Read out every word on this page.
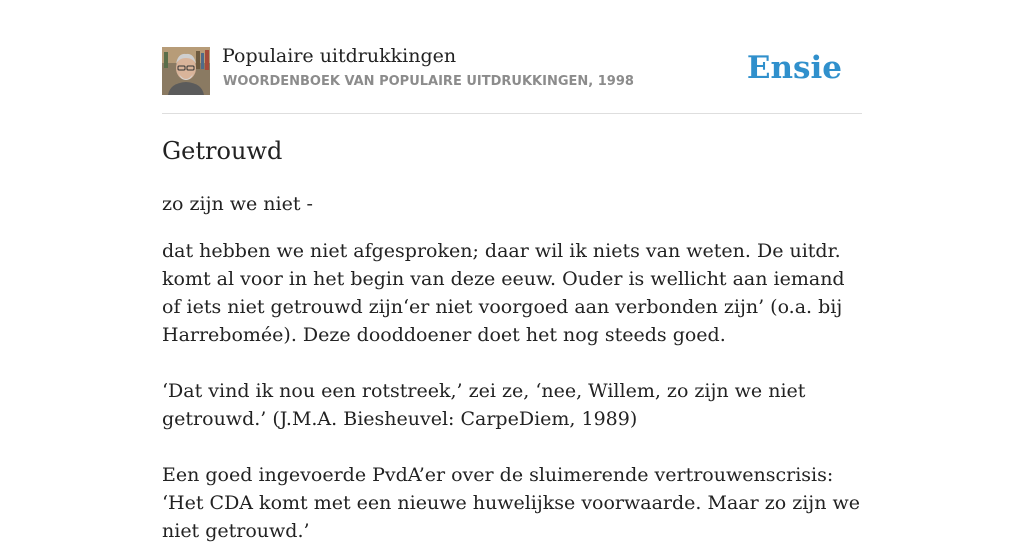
Populaire uitdrukkingen
WOORDENBOEK VAN POPULAIRE UITDRUKKINGEN, 1998	Ensie
Getrouwd
zo zijn we niet -

dat hebben we niet afgesproken; daar wil ik niets van weten. De uitdr. komt al voor in het begin van deze eeuw. Ouder is wellicht aan iemand of iets niet getrouwd zijn‘er niet voorgoed aan verbonden zijn’ (o.a. bij Harrebomée). Deze dooddoener doet het nog steeds goed.

‘Dat vind ik nou een rotstreek,’ zei ze, ‘nee, Willem, zo zijn we niet getrouwd.’ (J.M.A. Biesheuvel: CarpeDiem, 1989)

Een goed ingevoerde PvdA’er over de sluimerende vertrouwenscrisis: ‘Het CDA komt met een nieuwe huwelijkse voorwaarde. Maar zo zijn we niet getrouwd.’
